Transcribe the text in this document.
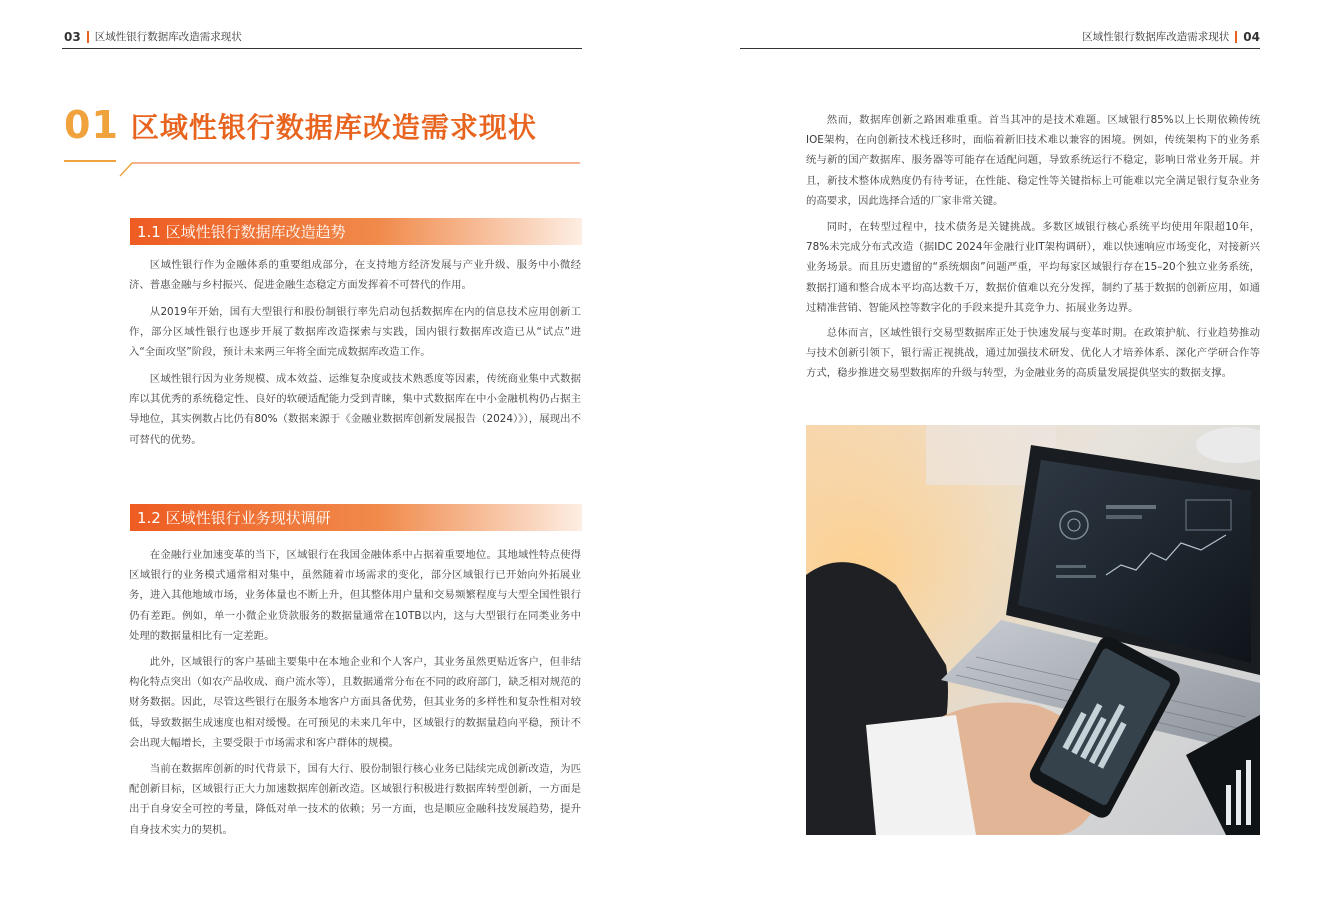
03 区域性银行数据库改造需求现状
01 区域性银行数据库改造需求现状
1.1 区域性银行数据库改造趋势

区域性银行作为金融体系的重要组成部分，在支持地方经济发展与产业升级、服务中小微经济、普惠金融与乡村振兴、促进金融生态稳定方面发挥着不可替代的作用。

从2019年开始，国有大型银行和股份制银行率先启动包括数据库在内的信息技术应用创新工作，部分区域性银行也逐步开展了数据库改造探索与实践，国内银行数据库改造已从“试点”进入“全面攻坚”阶段，预计未来两三年将全面完成数据库改造工作。

区域性银行因为业务规模、成本效益、运维复杂度或技术熟悉度等因素，传统商业集中式数据库以其优秀的系统稳定性、良好的软硬适配能力受到青睐，集中式数据库在中小金融机构仍占据主导地位，其实例数占比仍有80%（数据来源于《金融业数据库创新发展报告（2024）》），展现出不可替代的优势。

1.2 区域性银行业务现状调研

在金融行业加速变革的当下，区域银行在我国金融体系中占据着重要地位。其地域性特点使得区域银行的业务模式通常相对集中，虽然随着市场需求的变化，部分区域银行已开始向外拓展业务，进入其他地域市场，业务体量也不断上升，但其整体用户量和交易频繁程度与大型全国性银行仍有差距。例如，单一小微企业贷款服务的数据量通常在10TB以内，这与大型银行在同类业务中处理的数据量相比有一定差距。

此外，区域银行的客户基础主要集中在本地企业和个人客户，其业务虽然更贴近客户，但非结构化特点突出（如农产品收成、商户流水等），且数据通常分布在不同的政府部门，缺乏相对规范的财务数据。因此，尽管这些银行在服务本地客户方面具备优势，但其业务的多样性和复杂性相对较低，导致数据生成速度也相对缓慢。在可预见的未来几年中，区域银行的数据量趋向平稳，预计不会出现大幅增长，主要受限于市场需求和客户群体的规模。

当前在数据库创新的时代背景下，国有大行、股份制银行核心业务已陆续完成创新改造，为匹配创新目标，区域银行正大力加速数据库创新改造。区域银行积极进行数据库转型创新，一方面是出于自身安全可控的考量，降低对单一技术的依赖；另一方面，也是顺应金融科技发展趋势，提升自身技术实力的契机。

区域性银行数据库改造需求现状 04

然而，数据库创新之路困难重重。首当其冲的是技术难题。区域银行85%以上长期依赖传统IOE架构，在向创新技术栈迁移时，面临着新旧技术难以兼容的困境。例如，传统架构下的业务系统与新的国产数据库、服务器等可能存在适配问题，导致系统运行不稳定，影响日常业务开展。并且，新技术整体成熟度仍有待考证，在性能、稳定性等关键指标上可能难以完全满足银行复杂业务的高要求，因此选择合适的厂家非常关键。

同时，在转型过程中，技术债务是关键挑战。多数区域银行核心系统平均使用年限超10年，78%未完成分布式改造（据IDC 2024年金融行业IT架构调研），难以快速响应市场变化，对接新兴业务场景。而且历史遗留的“系统烟囱”问题严重，平均每家区域银行存在15–20个独立业务系统，数据打通和整合成本平均高达数千万，数据价值难以充分发挥，制约了基于数据的创新应用，如通过精准营销、智能风控等数字化的手段来提升其竞争力、拓展业务边界。

总体而言，区域性银行交易型数据库正处于快速发展与变革时期。在政策护航、行业趋势推动与技术创新引领下，银行需正视挑战，通过加强技术研发、优化人才培养体系、深化产学研合作等方式，稳步推进交易型数据库的升级与转型，为金融业务的高质量发展提供坚实的数据支撑。
